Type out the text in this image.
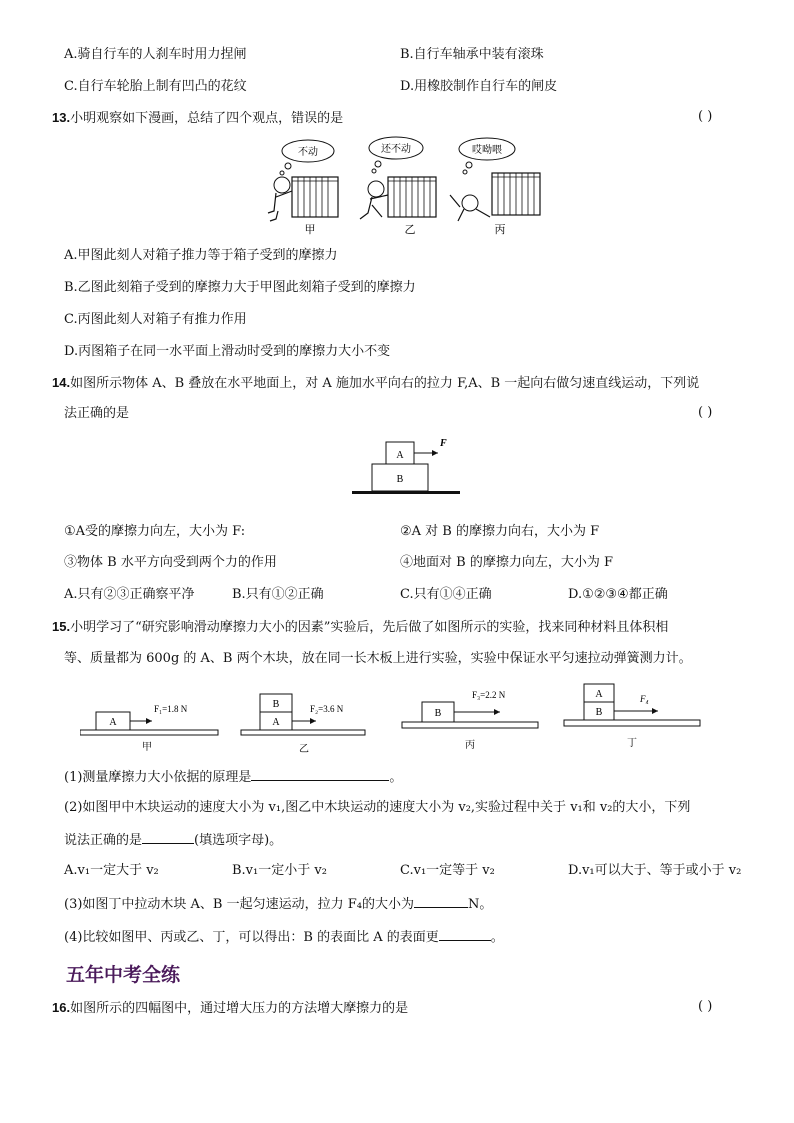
A.骑自行车的人刹车时用力捏闸	B.自行车轴承中装有滚珠
C.自行车轮胎上制有凹凸的花纹	D.用橡胶制作自行车的闸皮
13.小明观察如下漫画，总结了四个观点，错误的是	( )
不动	还不动	哎呦喂
甲	乙	丙
A.甲图此刻人对箱子推力等于箱子受到的摩擦力
B.乙图此刻箱子受到的摩擦力大于甲图此刻箱子受到的摩擦力
C.丙图此刻人对箱子有推力作用
D.丙图箱子在同一水平面上滑动时受到的摩擦力大小不变
14.如图所示物体 A、B 叠放在水平地面上，对 A 施加水平向右的拉力 F,A、B 一起向右做匀速直线运动，下列说
法正确的是	( )
A
B
F
①A受的摩擦力向左，大小为 F:	②A 对 B 的摩擦力向右，大小为 F
③物体 B 水平方向受到两个力的作用	④地面对 B 的摩擦力向左，大小为 F
A.只有②③正确察平净	B.只有①②正确	C.只有①④正确	D.①②③④都正确
15.小明学习了“研究影响滑动摩擦力大小的因素”实验后，先后做了如图所示的实验，找来同种材料且体积相
等、质量都为 600g 的 A、B 两个木块，放在同一长木板上进行实验，实验中保证水平匀速拉动弹簧测力计。
A
F₁=1.8 N
甲
B
A
F₂=3.6 N
乙
B
F₃=2.2 N
丙
A
B
F₄
丁
(1)测量摩擦力大小依据的原理是	。
(2)如图甲中木块运动的速度大小为 v₁,图乙中木块运动的速度大小为 v₂,实验过程中关于 v₁和 v₂的大小，下列
说法正确的是	(填选项字母)。
A.v₁一定大于 v₂	B.v₁一定小于 v₂	C.v₁一定等于 v₂	D.v₁可以大于、等于或小于 v₂
(3)如图丁中拉动木块 A、B 一起匀速运动，拉力 F₄的大小为	N。
(4)比较如图甲、丙或乙、丁，可以得出：B 的表面比 A 的表面更	。
五年中考全练
16.如图所示的四幅图中，通过增大压力的方法增大摩擦力的是	( )
